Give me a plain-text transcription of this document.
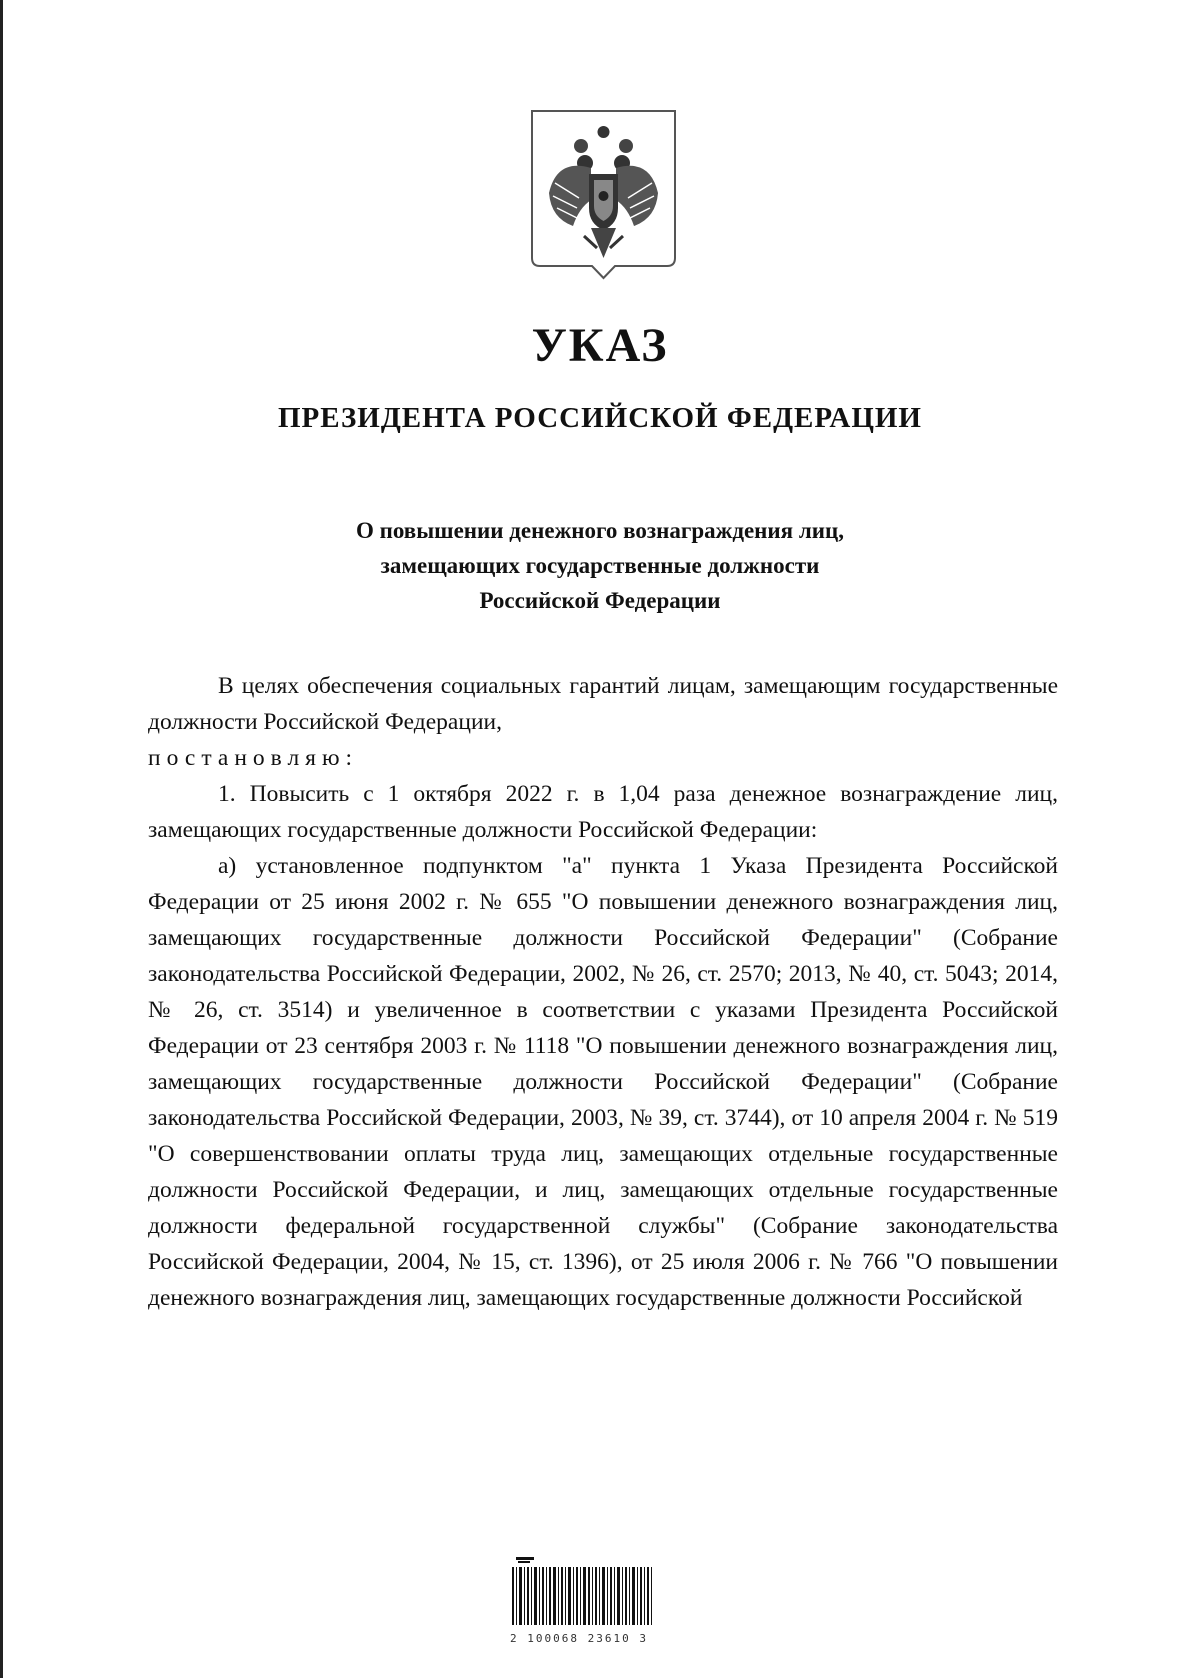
УКАЗ
ПРЕЗИДЕНТА РОССИЙСКОЙ ФЕДЕРАЦИИ
О повышении денежного вознаграждения лиц,
замещающих государственные должности
Российской Федерации

В целях обеспечения социальных гарантий лицам, замещающим государственные должности Российской Федерации,

постановляю:

1. Повысить с 1 октября 2022 г. в 1,04 раза денежное вознаграждение лиц, замещающих государственные должности Российской Федерации:

а) установленное подпунктом "а" пункта 1 Указа Президента Российской Федерации от 25 июня 2002 г. № 655 "О повышении денежного вознаграждения лиц, замещающих государственные должности Российской Федерации" (Собрание законодательства Российской Федерации, 2002, № 26, ст. 2570; 2013, № 40, ст. 5043; 2014, № 26, ст. 3514) и увеличенное в соответствии с указами Президента Российской Федерации от 23 сентября 2003 г. № 1118 "О повышении денежного вознаграждения лиц, замещающих государственные должности Российской Федерации" (Собрание законодательства Российской Федерации, 2003, № 39, ст. 3744), от 10 апреля 2004 г. № 519 "О совершенствовании оплаты труда лиц, замещающих отдельные государственные должности Российской Федерации, и лиц, замещающих отдельные государственные должности федеральной государственной службы" (Собрание законодательства Российской Федерации, 2004, № 15, ст. 1396), от 25 июля 2006 г. № 766 "О повышении денежного вознаграждения лиц, замещающих государственные должности Российской

2 100068 23610 3
